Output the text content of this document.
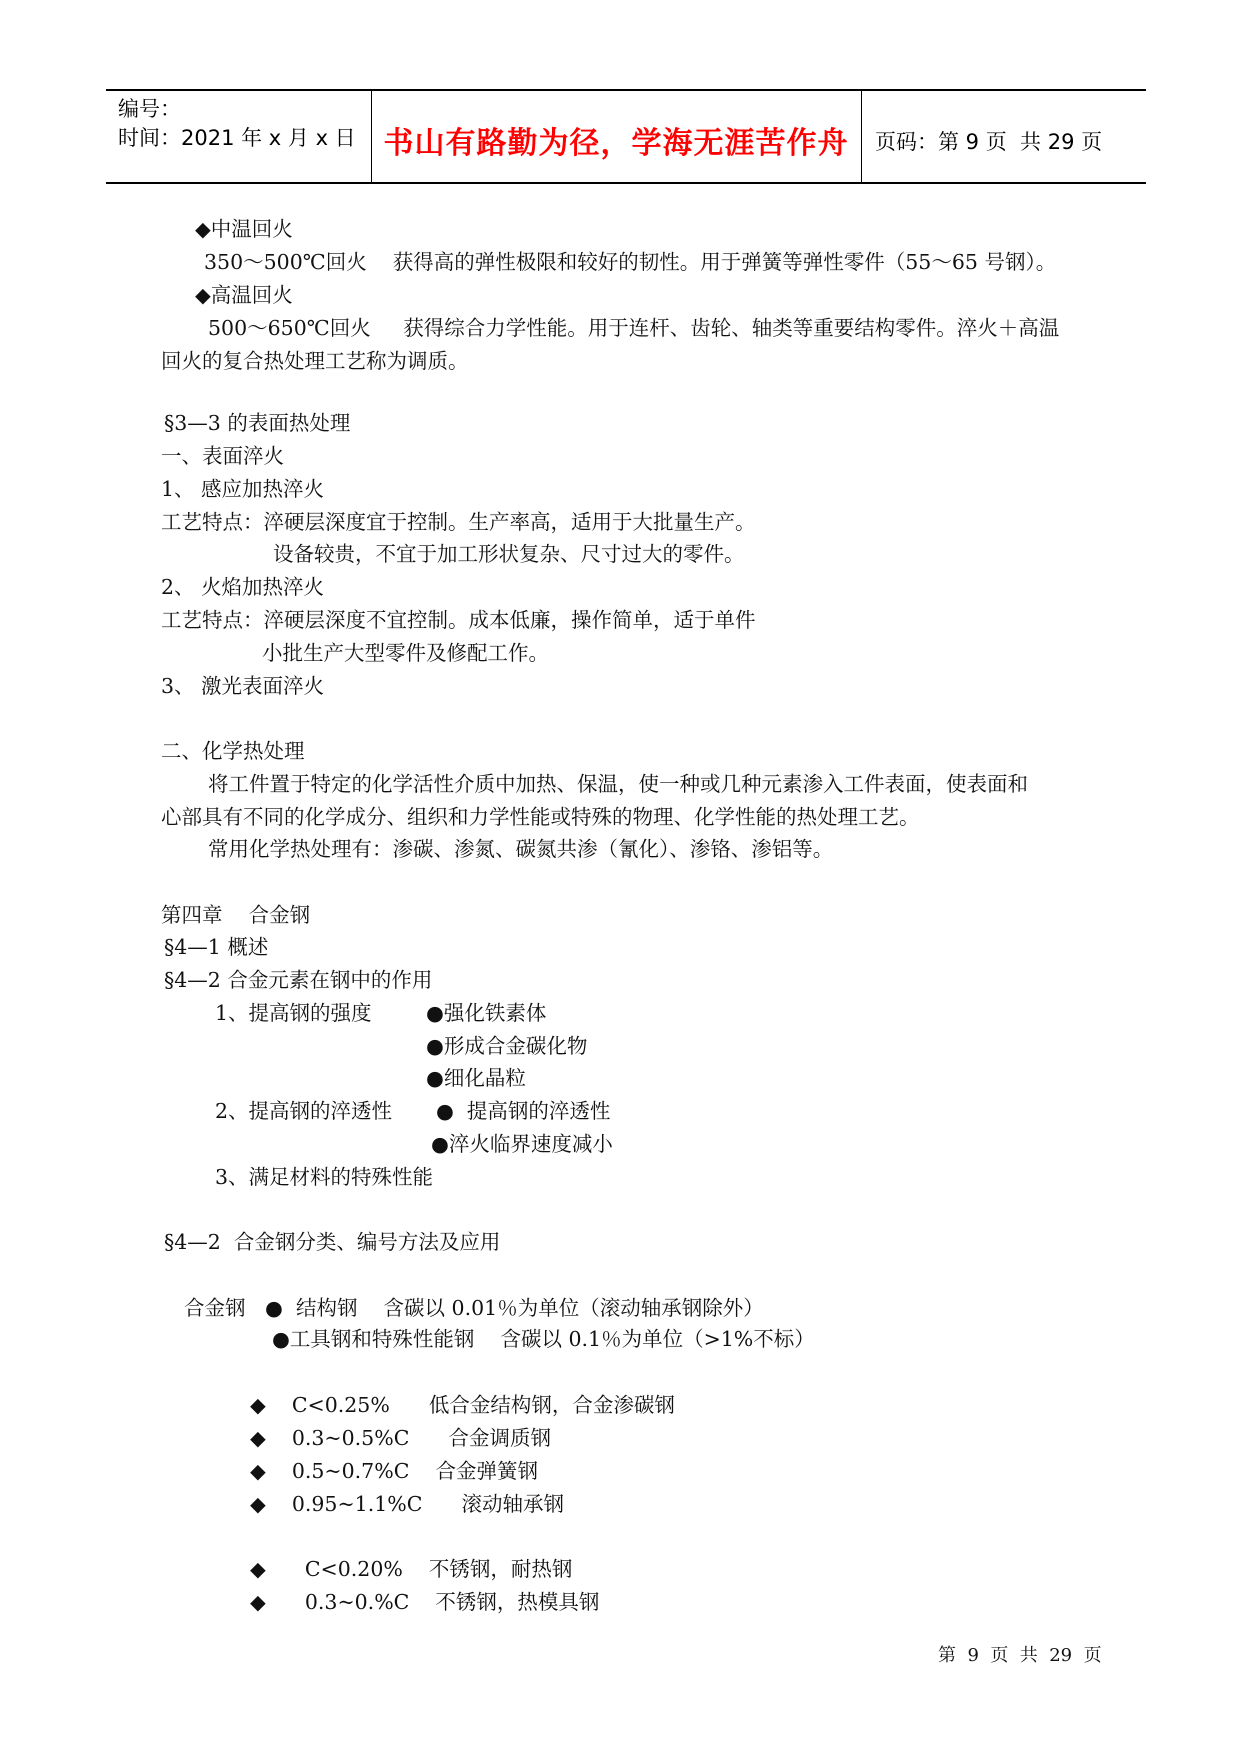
编号：
时间：2021 年 x 月 x 日 书山有路勤为径，学海无涯苦作舟	页码：第 9 页  共 29 页
◆中温回火
350～500℃回火    获得高的弹性极限和较好的韧性。用于弹簧等弹性零件（55～65 号钢）。
◆高温回火
500～650℃回火     获得综合力学性能。用于连杆、齿轮、轴类等重要结构零件。淬火＋高温
回火的复合热处理工艺称为调质。
§3—3 的表面热处理
一、表面淬火
1、 感应加热淬火
工艺特点：淬硬层深度宜于控制。生产率高，适用于大批量生产。
设备较贵，不宜于加工形状复杂、尺寸过大的零件。
2、 火焰加热淬火
工艺特点：淬硬层深度不宜控制。成本低廉，操作简单，适于单件
小批生产大型零件及修配工作。
3、 激光表面淬火
二、化学热处理
将工件置于特定的化学活性介质中加热、保温，使一种或几种元素渗入工件表面，使表面和
心部具有不同的化学成分、组织和力学性能或特殊的物理、化学性能的热处理工艺。
常用化学热处理有：渗碳、渗氮、碳氮共渗（氰化）、渗铬、渗铝等。
第四章    合金钢
§4—1 概述
§4—2 合金元素在钢中的作用
1、提高钢的强度	●强化铁素体
●形成合金碳化物
●细化晶粒
2、提高钢的淬透性 ●  提高钢的淬透性
●淬火临界速度减小
3、满足材料的特殊性能
§4—2  合金钢分类、编号方法及应用
合金钢   ●  结构钢    含碳以 0.01％为单位（滚动轴承钢除外）
●工具钢和特殊性能钢    含碳以 0.1％为单位（>1%不标）
◆    C<0.25%      低合金结构钢，合金渗碳钢
◆    0.3~0.5%C      合金调质钢
◆    0.5~0.7%C    合金弹簧钢
◆    0.95~1.1%C      滚动轴承钢
◆      C<0.20%    不锈钢，耐热钢
◆      0.3~0.%C    不锈钢，热模具钢
第  9  页  共  29  页
